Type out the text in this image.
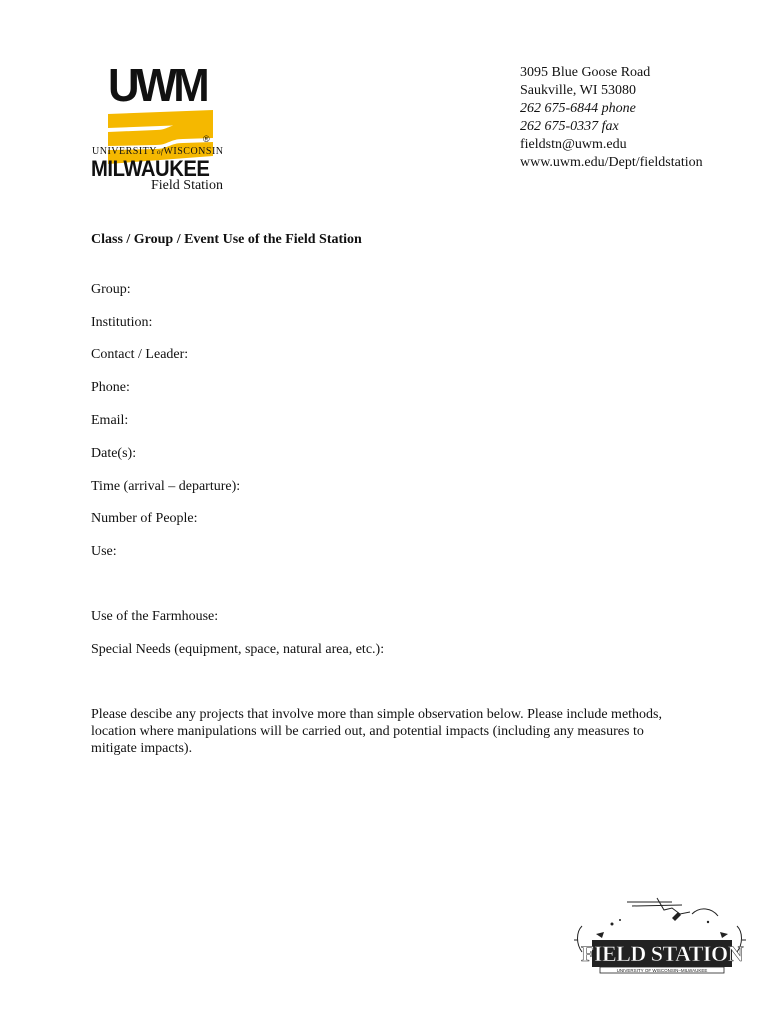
UWM
®
UNIVERSITYofWISCONSIN
MILWAUKEE
Field Station
3095 Blue Goose Road
Saukville, WI 53080
262 675-6844 phone
262 675-0337 fax
fieldstn@uwm.edu
www.uwm.edu/Dept/fieldstation
Class / Group / Event Use of the Field Station
Group:
Institution:
Contact / Leader:
Phone:
Email:
Date(s):
Time (arrival – departure):
Number of People:
Use:
Use of the Farmhouse:
Special Needs (equipment, space, natural area, etc.):
Please descibe any projects that involve more than simple observation below. Please include methods, location where manipulations will be carried out, and potential impacts (including any measures to mitigate impacts).
FIELD STATION
UNIVERSITY OF WISCONSIN–MILWAUKEE
